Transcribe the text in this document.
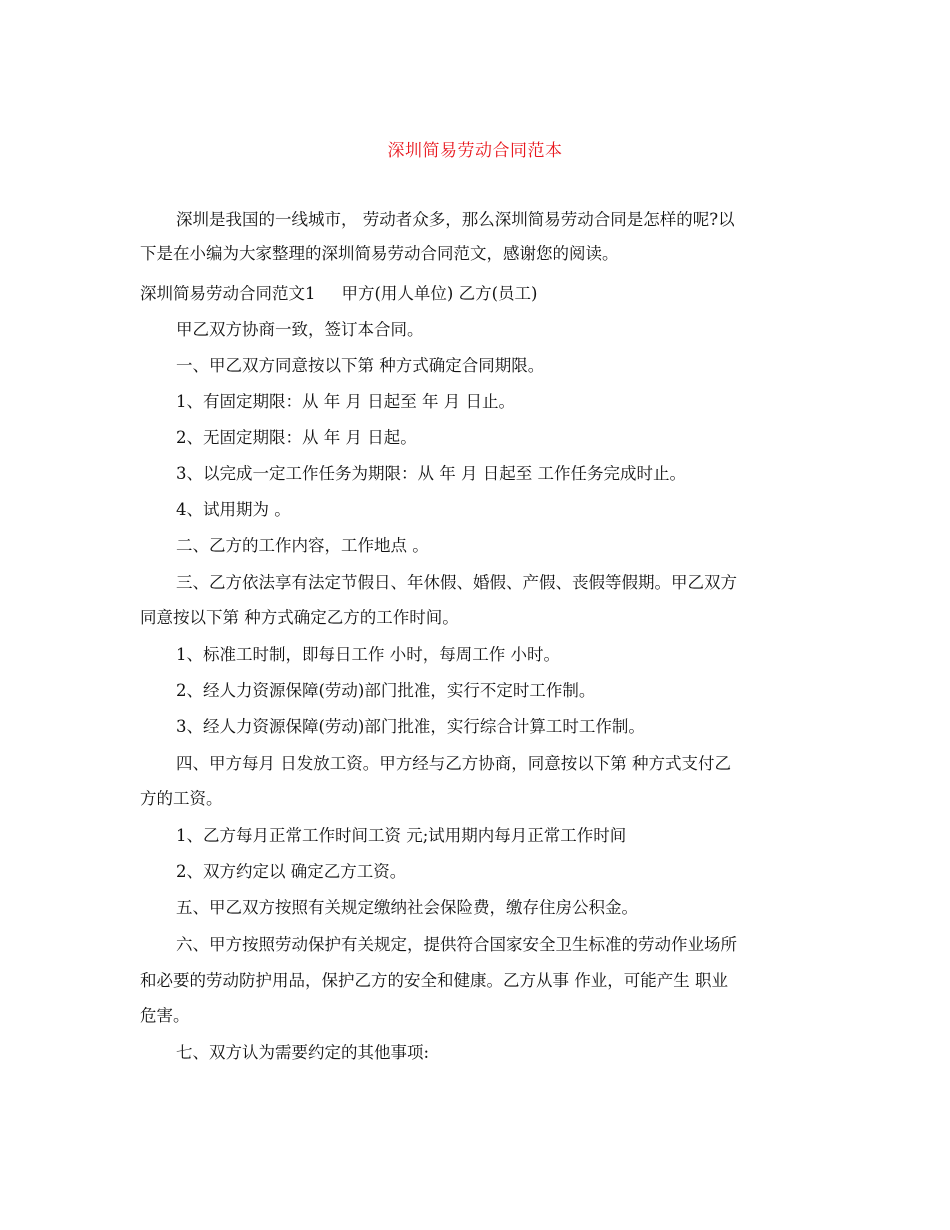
深圳简易劳动合同范本
深圳是我国的一线城市， 劳动者众多，那么深圳简易劳动合同是怎样的呢?以
下是在小编为大家整理的深圳简易劳动合同范文，感谢您的阅读。
深圳简易劳动合同范文1 甲方(用人单位) 乙方(员工)
甲乙双方协商一致，签订本合同。
一、甲乙双方同意按以下第 种方式确定合同期限。
1、有固定期限：从 年 月 日起至 年 月 日止。
2、无固定期限：从 年 月 日起。
3、以完成一定工作任务为期限：从 年 月 日起至 工作任务完成时止。
4、试用期为 。
二、乙方的工作内容，工作地点 。
三、乙方依法享有法定节假日、年休假、婚假、产假、丧假等假期。甲乙双方
同意按以下第 种方式确定乙方的工作时间。
1、标准工时制，即每日工作 小时，每周工作 小时。
2、经人力资源保障(劳动)部门批准，实行不定时工作制。
3、经人力资源保障(劳动)部门批准，实行综合计算工时工作制。
四、甲方每月 日发放工资。甲方经与乙方协商，同意按以下第 种方式支付乙
方的工资。
1、乙方每月正常工作时间工资 元;试用期内每月正常工作时间
2、双方约定以 确定乙方工资。
五、甲乙双方按照有关规定缴纳社会保险费，缴存住房公积金。
六、甲方按照劳动保护有关规定，提供符合国家安全卫生标准的劳动作业场所
和必要的劳动防护用品，保护乙方的安全和健康。乙方从事 作业，可能产生 职业
危害。
七、双方认为需要约定的其他事项:
